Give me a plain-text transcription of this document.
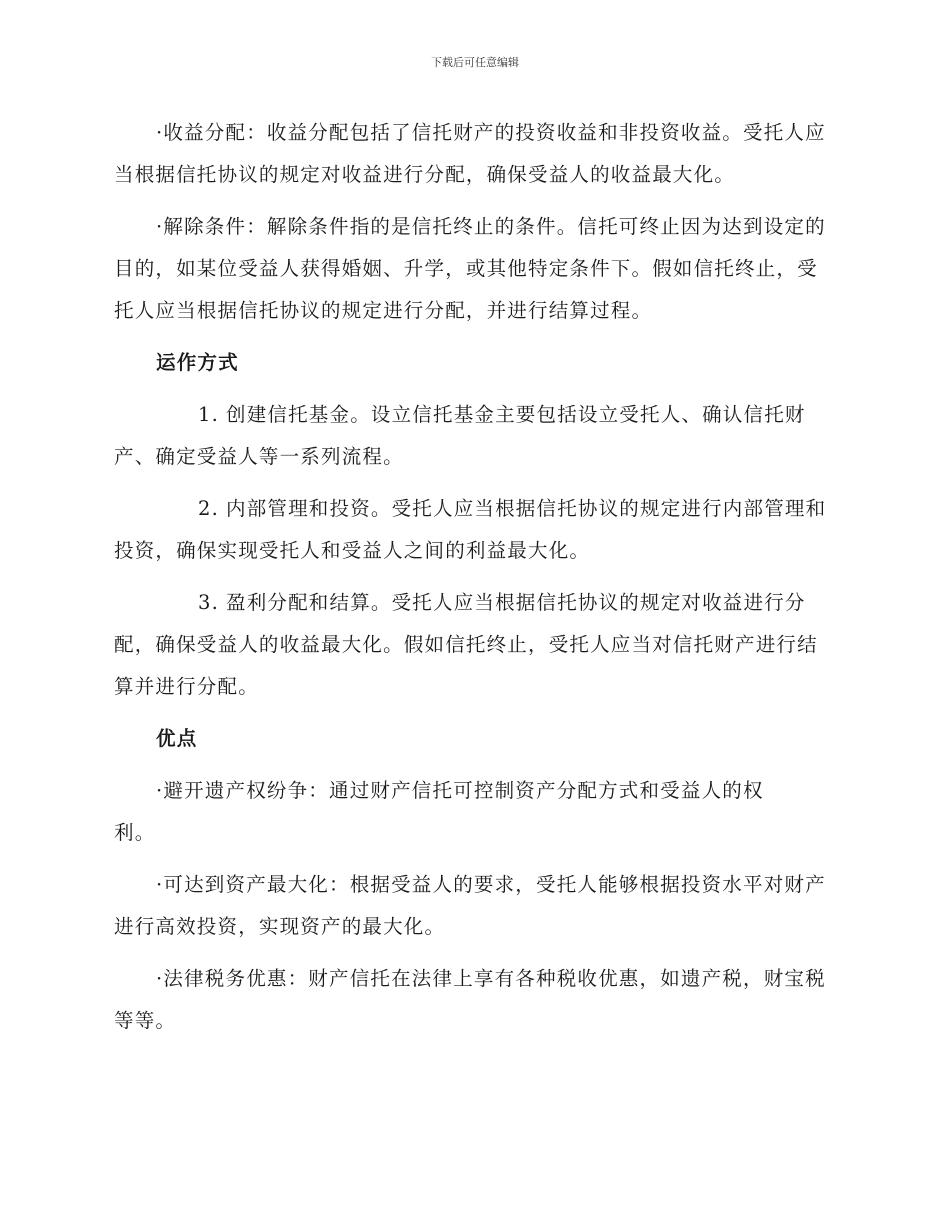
下载后可任意编辑

·收益分配：收益分配包括了信托财产的投资收益和非投资收益。受托人应当根据信托协议的规定对收益进行分配，确保受益人的收益最大化。

·解除条件：解除条件指的是信托终止的条件。信托可终止因为达到设定的目的，如某位受益人获得婚姻、升学，或其他特定条件下。假如信托终止，受托人应当根据信托协议的规定进行分配，并进行结算过程。

运作方式

1. 创建信托基金。设立信托基金主要包括设立受托人、确认信托财产、确定受益人等一系列流程。

2. 内部管理和投资。受托人应当根据信托协议的规定进行内部管理和投资，确保实现受托人和受益人之间的利益最大化。

3. 盈利分配和结算。受托人应当根据信托协议的规定对收益进行分配，确保受益人的收益最大化。假如信托终止，受托人应当对信托财产进行结算并进行分配。

优点

·避开遗产权纷争：通过财产信托可控制资产分配方式和受益人的权利。

·可达到资产最大化：根据受益人的要求，受托人能够根据投资水平对财产进行高效投资，实现资产的最大化。

·法律税务优惠：财产信托在法律上享有各种税收优惠，如遗产税，财宝税等等。
